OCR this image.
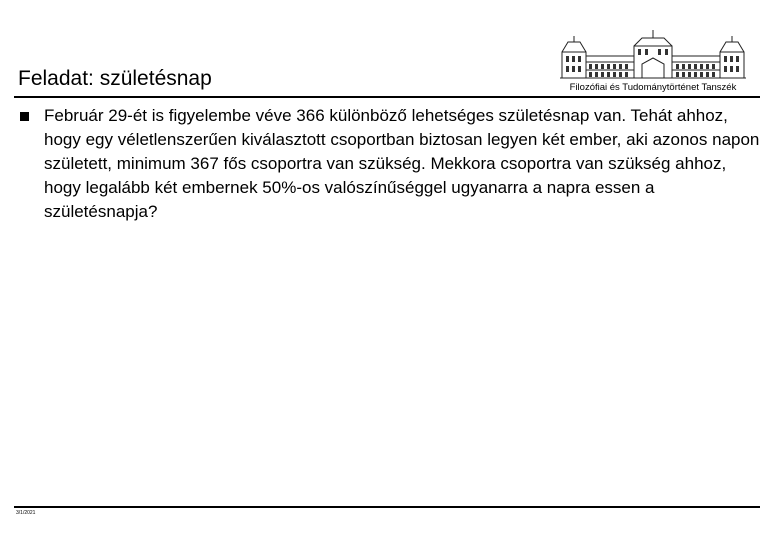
Feladat: születésnap	Filozófiai és Tudománytörténet Tanszék

Február 29-ét is figyelembe véve 366 különböző lehetséges születésnap van. Tehát ahhoz, hogy egy véletlenszerűen kiválasztott csoportban biztosan legyen két ember, aki azonos napon született, minimum 367 fős csoportra van szükség. Mekkora csoportra van szükség ahhoz, hogy legalább két embernek 50%-os valószínűséggel ugyanarra a napra essen a születésnapja?

3/1/2021
